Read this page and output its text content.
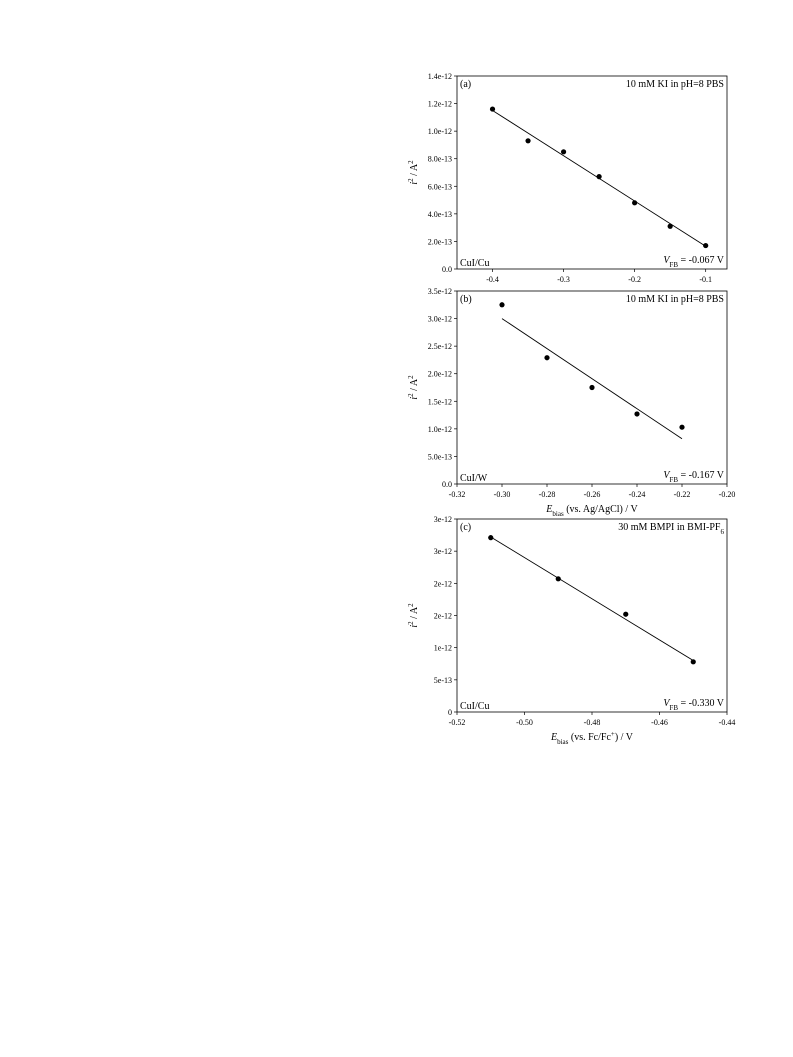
0.0
2.0e-13
4.0e-13
6.0e-13
8.0e-13
1.0e-12
1.2e-12
1.4e-12
-0.4	-0.3	-0.2	-0.1
(a)	10 mM KI in pH=8 PBS
CuI/Cu	$V_{FB} = -0.067$ V
$i^2 / A^2$
0.0
5.0e-13
1.0e-12
1.5e-12
2.0e-12
2.5e-12
3.0e-12
3.5e-12
-0.32	-0.30	-0.28	-0.26	-0.24	-0.22	-0.20
(b)	10 mM KI in pH=8 PBS
CuI/W	$V_{FB} = -0.167$ V
$i^2 / A^2$
$E_{bias}$ (vs. Ag/AgCl) / V
0
5e-13
1e-12
2e-12
2e-12
3e-12
3e-12
-0.52	-0.50	-0.48	-0.46	-0.44
(c)	30 mM BMPI in BMI-$PF_6$
CuI/Cu	$V_{FB} = -0.330$ V
$i^2 / A^2$
$E_{bias}$ (vs. Fc/Fc+) / V
